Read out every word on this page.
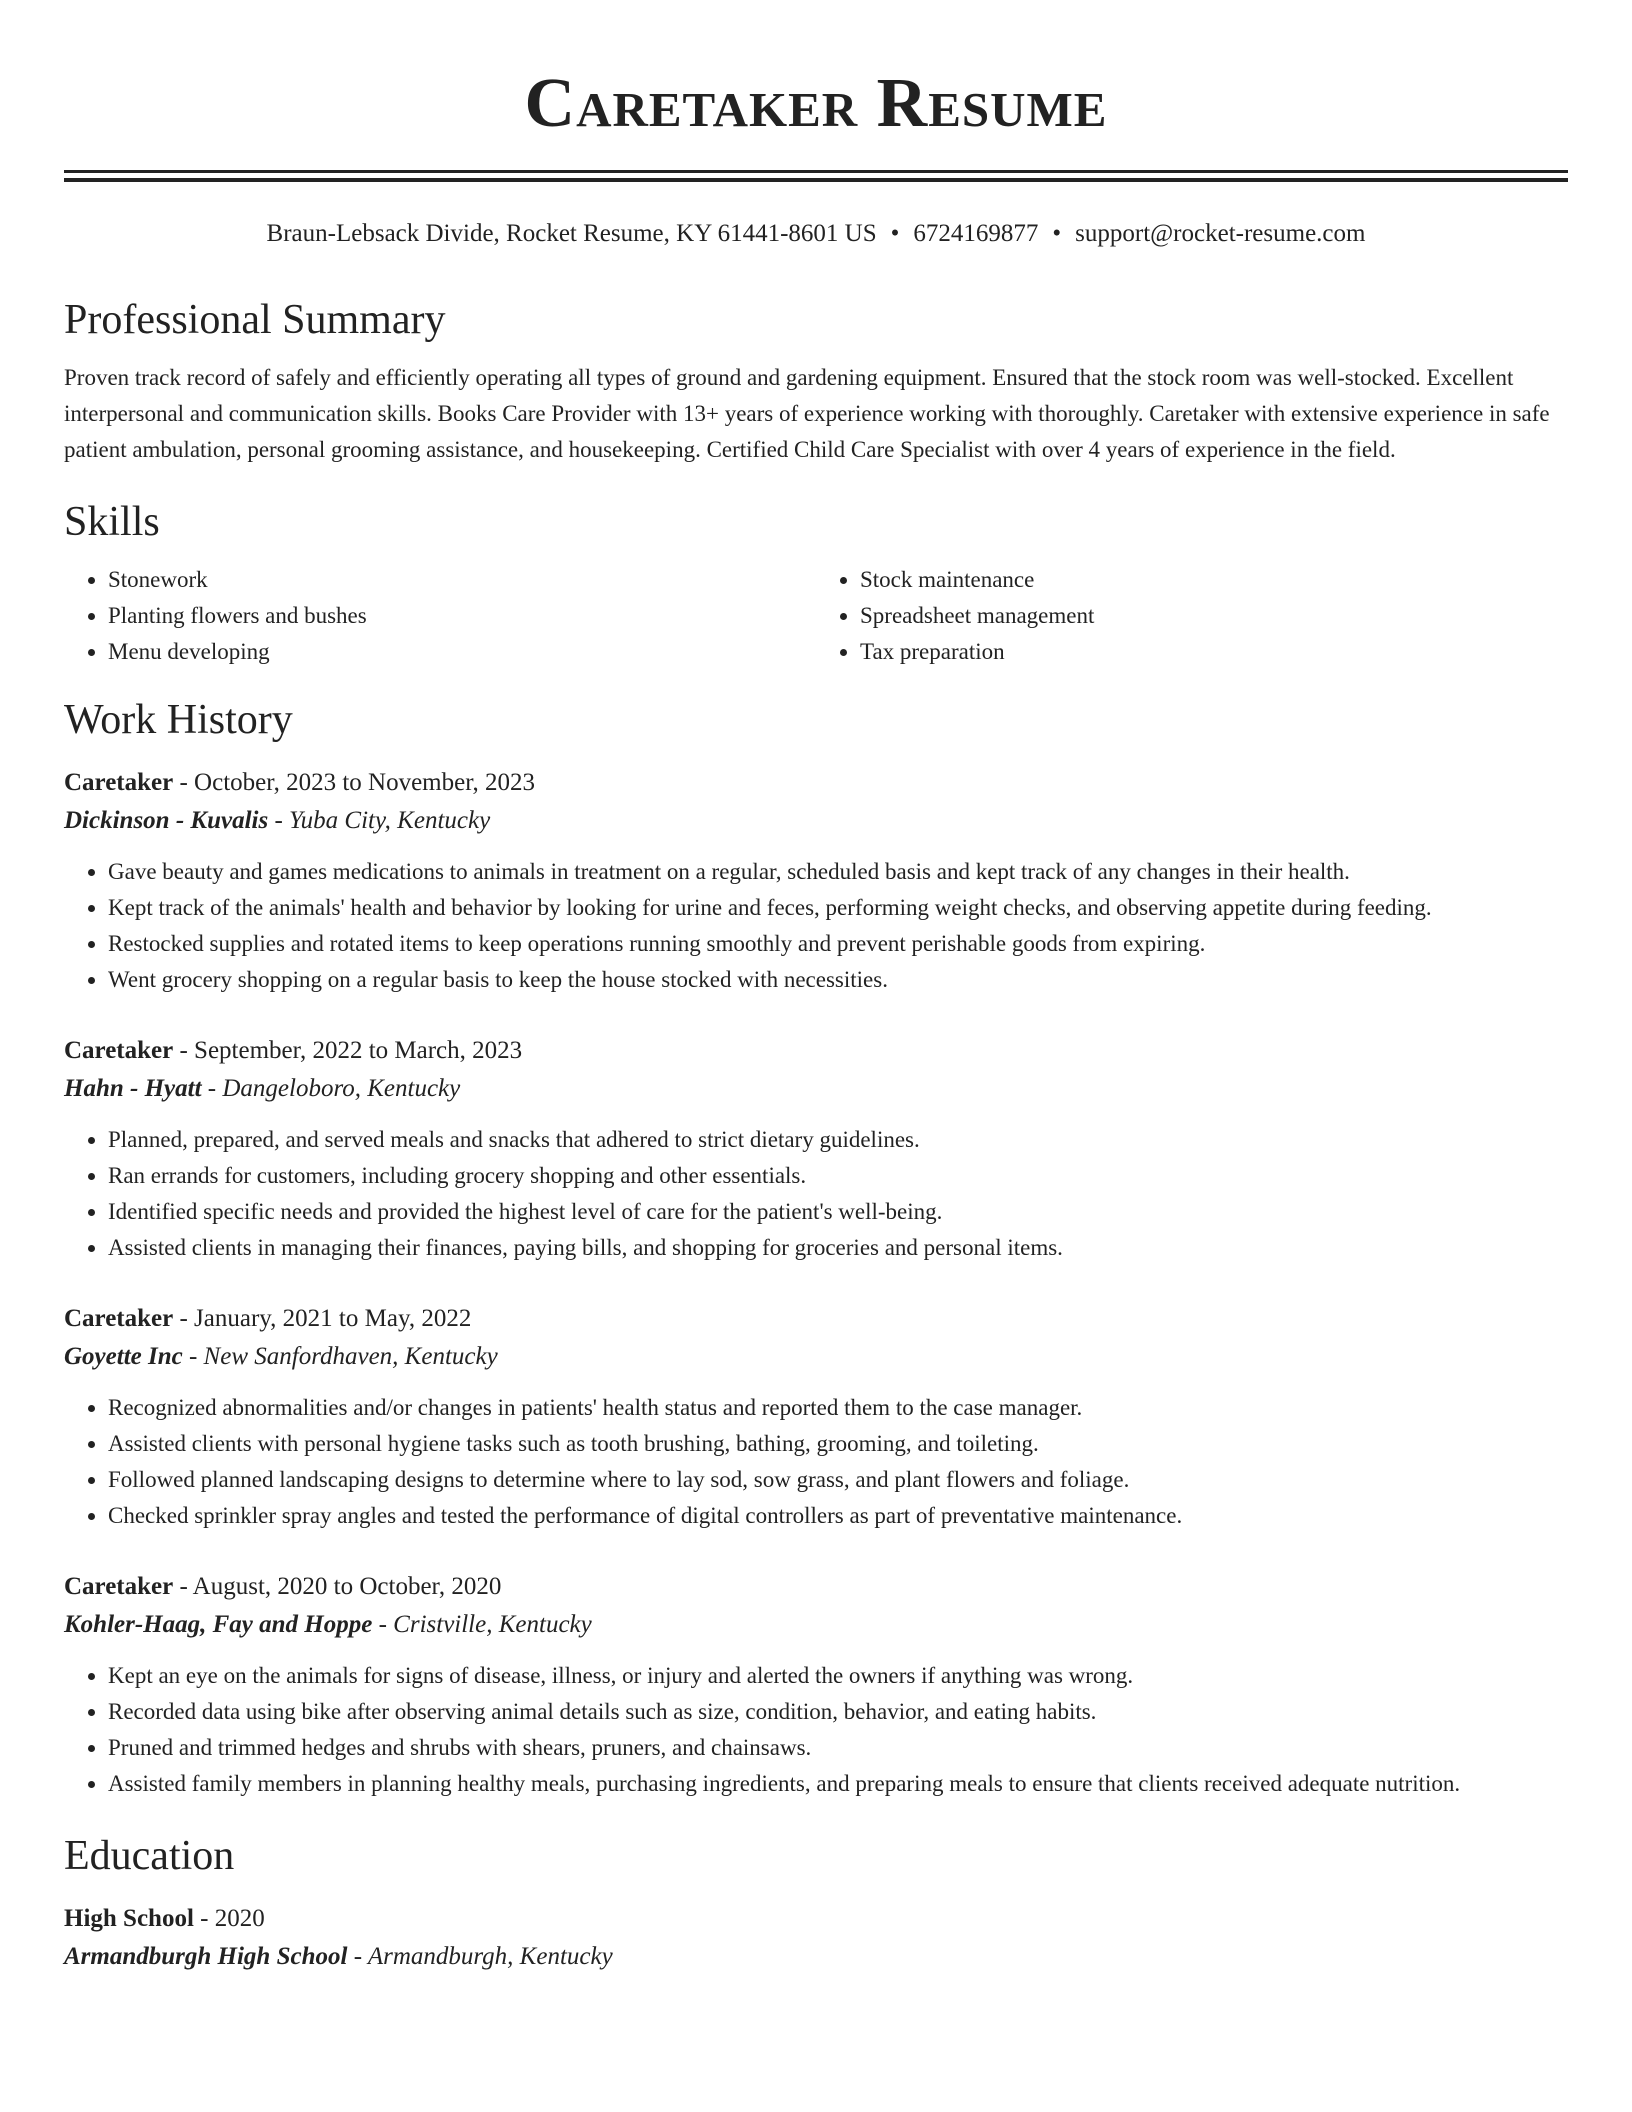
Caretaker Resume
Braun-Lebsack Divide, Rocket Resume, KY 61441-8601 US • 6724169877 • support@rocket-resume.com
Professional Summary

Proven track record of safely and efficiently operating all types of ground and gardening equipment. Ensured that the stock room was well-stocked. Excellent interpersonal and communication skills. Books Care Provider with 13+ years of experience working with thoroughly. Caretaker with extensive experience in safe patient ambulation, personal grooming assistance, and housekeeping. Certified Child Care Specialist with over 4 years of experience in the field.

Skills
• Stonework
• Planting flowers and bushes
• Menu developing
• Stock maintenance
• Spreadsheet management
• Tax preparation
Work History
Caretaker - October, 2023 to November, 2023
Dickinson - Kuvalis - Yuba City, Kentucky
• Gave beauty and games medications to animals in treatment on a regular, scheduled basis and kept track of any changes in their health.
• Kept track of the animals' health and behavior by looking for urine and feces, performing weight checks, and observing appetite during feeding.
• Restocked supplies and rotated items to keep operations running smoothly and prevent perishable goods from expiring.
• Went grocery shopping on a regular basis to keep the house stocked with necessities.
Caretaker - September, 2022 to March, 2023
Hahn - Hyatt - Dangeloboro, Kentucky
• Planned, prepared, and served meals and snacks that adhered to strict dietary guidelines.
• Ran errands for customers, including grocery shopping and other essentials.
• Identified specific needs and provided the highest level of care for the patient's well-being.
• Assisted clients in managing their finances, paying bills, and shopping for groceries and personal items.
Caretaker - January, 2021 to May, 2022
Goyette Inc - New Sanfordhaven, Kentucky
• Recognized abnormalities and/or changes in patients' health status and reported them to the case manager.
• Assisted clients with personal hygiene tasks such as tooth brushing, bathing, grooming, and toileting.
• Followed planned landscaping designs to determine where to lay sod, sow grass, and plant flowers and foliage.
• Checked sprinkler spray angles and tested the performance of digital controllers as part of preventative maintenance.
Caretaker - August, 2020 to October, 2020
Kohler-Haag, Fay and Hoppe - Cristville, Kentucky
• Kept an eye on the animals for signs of disease, illness, or injury and alerted the owners if anything was wrong.
• Recorded data using bike after observing animal details such as size, condition, behavior, and eating habits.
• Pruned and trimmed hedges and shrubs with shears, pruners, and chainsaws.
• Assisted family members in planning healthy meals, purchasing ingredients, and preparing meals to ensure that clients received adequate nutrition.
Education
High School - 2020
Armandburgh High School - Armandburgh, Kentucky
